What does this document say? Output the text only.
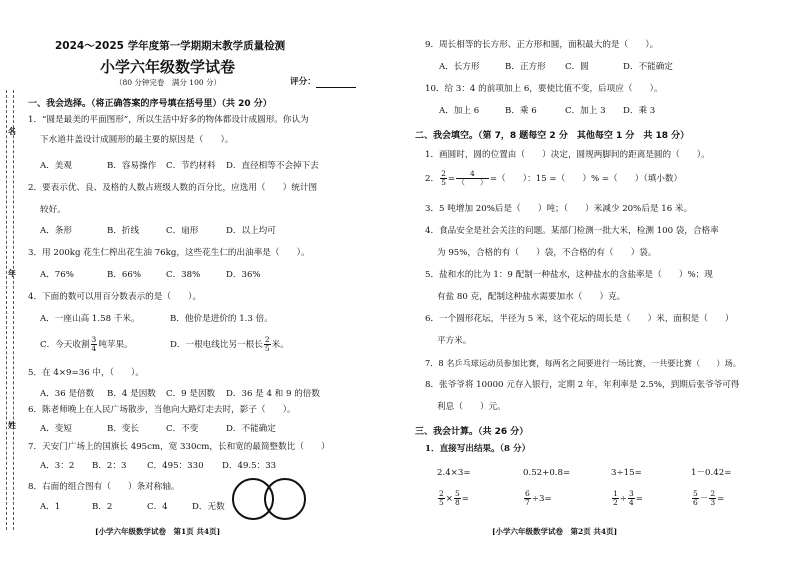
名
年
姓
2024～2025 学年度第一学期期末教学质量检测
小学六年级数学试卷
（80 分钟完卷　满分 100 分）	评分：
一、我会选择。（将正确答案的序号填在括号里）（共 20 分）
1．“圆是最美的平面图形”，所以生活中好多的物体都设计成圆形。你认为
下水道井盖设计成圆形的最主要的原因是（　　）。
A．美观	B．容易操作 C．节约材料 D．直径相等不会掉下去
2．要表示优、良、及格的人数占班级人数的百分比，应选用（　　）统计图
较好。
A．条形	B．折线	C．扇形	D．以上均可
3．用 200kg 花生仁榨出花生油 76kg，这些花生仁的出油率是（　　）。
A．76%	B．66%	C．38%	D．36%
4．下面的数可以用百分数表示的是（　　）。
A．一座山高 1.58 千米。	B．他价是进价的 1.3 倍。
C．今天收割 $\frac{3}{4}$ 吨苹果。	D．一根电线比另一根长 $\frac{2}{5}$ 米。
5．在 4×9=36 中，（　　）。
A．36 是倍数 B．4 是因数 C．9 是因数 D．36 是 4 和 9 的倍数
6．陈老师晚上在人民广场散步，当他向大路灯走去时，影子（　　）。
A．变短	B．变长	C．不变	D．不能确定
7．天安门广场上的国旗长 495cm，宽 330cm，长和宽的最简整数比（　　）
A．3：2 B．2：3 C．495：330 D．49.5：33
8．右面的组合图有（　　）条对称轴。
A．1	B．2	C．4	D．无数
[小学六年级数学试卷　第1页 共4页]
9．周长相等的长方形、正方形和圆，面积最大的是（　　）。
A．长方形	B．正方形 C．圆	D．不能确定
10．给 3：4 的前项加上 6，要使比值不变，后项应（　　）。
A．加上 6	B．乘 6	C．加上 3 D．乘 3
二、我会填空。（第 7，8 题每空 2 分　其他每空 1 分　共 18 分）
1．画圆时，圆的位置由（　　）决定，圆规两脚间的距离是圆的（　　）。
2． $\frac{2}{5} = \frac{4}{( )}$ =（　　）：15 =（　　）% =（　　）（填小数）
3．5 吨增加 20%后是（　　）吨；（　　）米减少 20%后是 16 米。
4．食品安全是社会关注的问题。某部门检测一批大米，检测 100 袋，合格率
为 95%，合格的有（　　）袋，不合格的有（　　）袋。
5．盐和水的比为 1：9 配制一种盐水，这种盐水的含盐率是（　　）%；现
有盐 80 克，配制这种盐水需要加水（　　）克。
6．一个圆形花坛，半径为 5 米，这个花坛的周长是（　　）米，面积是（　　）
平方米。
7．8 名乒乓球运动员参加比赛，每两名之间要进行一场比赛，一共要比赛（　　）场。
8．张爷爷将 10000 元存入银行，定期 2 年，年利率是 2.5%，到期后张爷爷可得
利息（　　）元。
三、我会计算。（共 26 分）
1．直接写出结果。（8 分）
2.4×3=	0.52+0.8=	3÷15=	1－0.42=
$\frac{2}{5} \times \frac{5}{8}$ =	$\frac{6}{7} \div 3=$	$\frac{1}{2} \div \frac{3}{4}$ =	$\frac{5}{6} - \frac{2}{3}$ =
[小学六年级数学试卷　第2页 共4页]
